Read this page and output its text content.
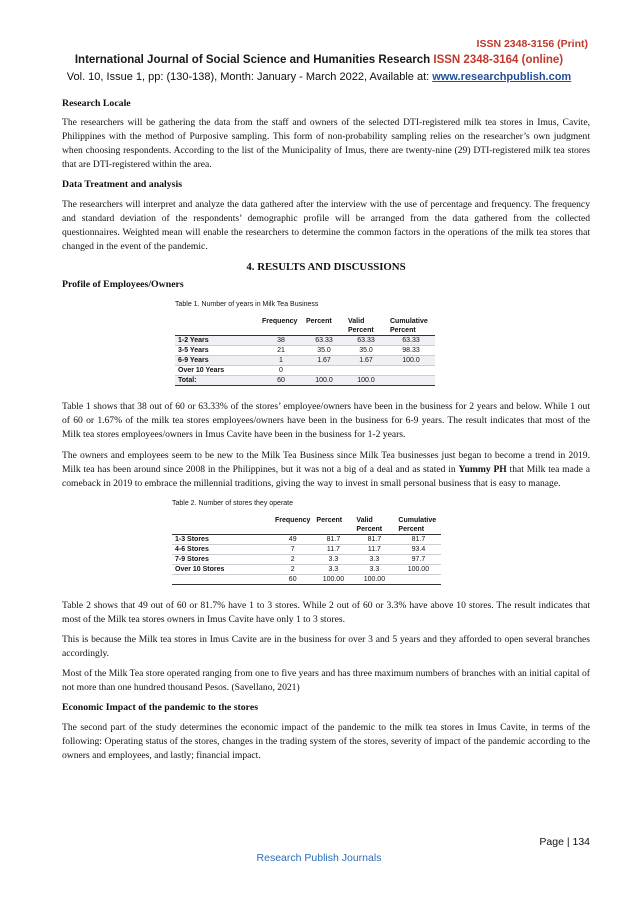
ISSN 2348-3156 (Print)
International Journal of Social Science and Humanities Research ISSN 2348-3164 (online)
Vol. 10, Issue 1, pp: (130-138), Month: January - March 2022, Available at: www.researchpublish.com
Research Locale

The researchers will be gathering the data from the staff and owners of the selected DTI-registered milk tea stores in Imus, Cavite, Philippines with the method of Purposive sampling. This form of non-probability sampling relies on the researcher’s own judgment when choosing respondents. According to the list of the Municipality of Imus, there are twenty-nine (29) DTI-registered milk tea stores that are DTI-registered within the area.

Data Treatment and analysis

The researchers will interpret and analyze the data gathered after the interview with the use of percentage and frequency. The frequency and standard deviation of the respondents’ demographic profile will be arranged from the data gathered from the collected questionnaires. Weighted mean will enable the researchers to determine the common factors in the operations of the milk tea stores that changed in the event of the pandemic.

4. RESULTS AND DISCUSSIONS
Profile of Employees/Owners
Table 1. Number of years in Milk Tea Business
	Frequency	Percent	Valid Percent	Cumulative Percent
1-2 Years	38	63.33	63.33	63.33
3-5 Years	21	35.0	35.0	98.33
6-9 Years	1	1.67	1.67	100.0
Over 10 Years	0			
Total:	60	100.0	100.0	

Table 1 shows that 38 out of 60 or 63.33% of the stores’ employee/owners have been in the business for 2 years and below. While 1 out of 60 or 1.67% of the milk tea stores employees/owners have been in the business for 6-9 years. The result indicates that most of the Milk tea stores employees/owners in Imus Cavite have been in the business for 1-2 years.

The owners and employees seem to be new to the Milk Tea Business since Milk Tea businesses just began to become a trend in 2019. Milk tea has been around since 2008 in the Philippines, but it was not a big of a deal and as stated in Yummy PH that Milk tea made a comeback in 2019 to embrace the millennial traditions, giving the way to invest in small personal business that is easy to manage.

Table 2. Number of stores they operate
	Frequency	Percent	Valid Percent	Cumulative Percent
1-3 Stores	49	81.7	81.7	81.7
4-6 Stores	7	11.7	11.7	93.4
7-9 Stores	2	3.3	3.3	97.7
Over 10 Stores	2	3.3	3.3	100.00
	60	100.00	100.00	

Table 2 shows that 49 out of 60 or 81.7% have 1 to 3 stores. While 2 out of 60 or 3.3% have above 10 stores. The result indicates that most of the Milk tea stores owners in Imus Cavite have only 1 to 3 stores.

This is because the Milk tea stores in Imus Cavite are in the business for over 3 and 5 years and they afforded to open several branches accordingly.

Most of the Milk Tea store operated ranging from one to five years and has three maximum numbers of branches with an initial capital of not more than one hundred thousand Pesos. (Savellano, 2021)

Economic Impact of the pandemic to the stores

The second part of the study determines the economic impact of the pandemic to the milk tea stores in Imus Cavite, in terms of the following: Operating status of the stores, changes in the trading system of the stores, severity of impact of the pandemic according to the owners and employees, and lastly; financial impact.

Page | 134
Research Publish Journals
